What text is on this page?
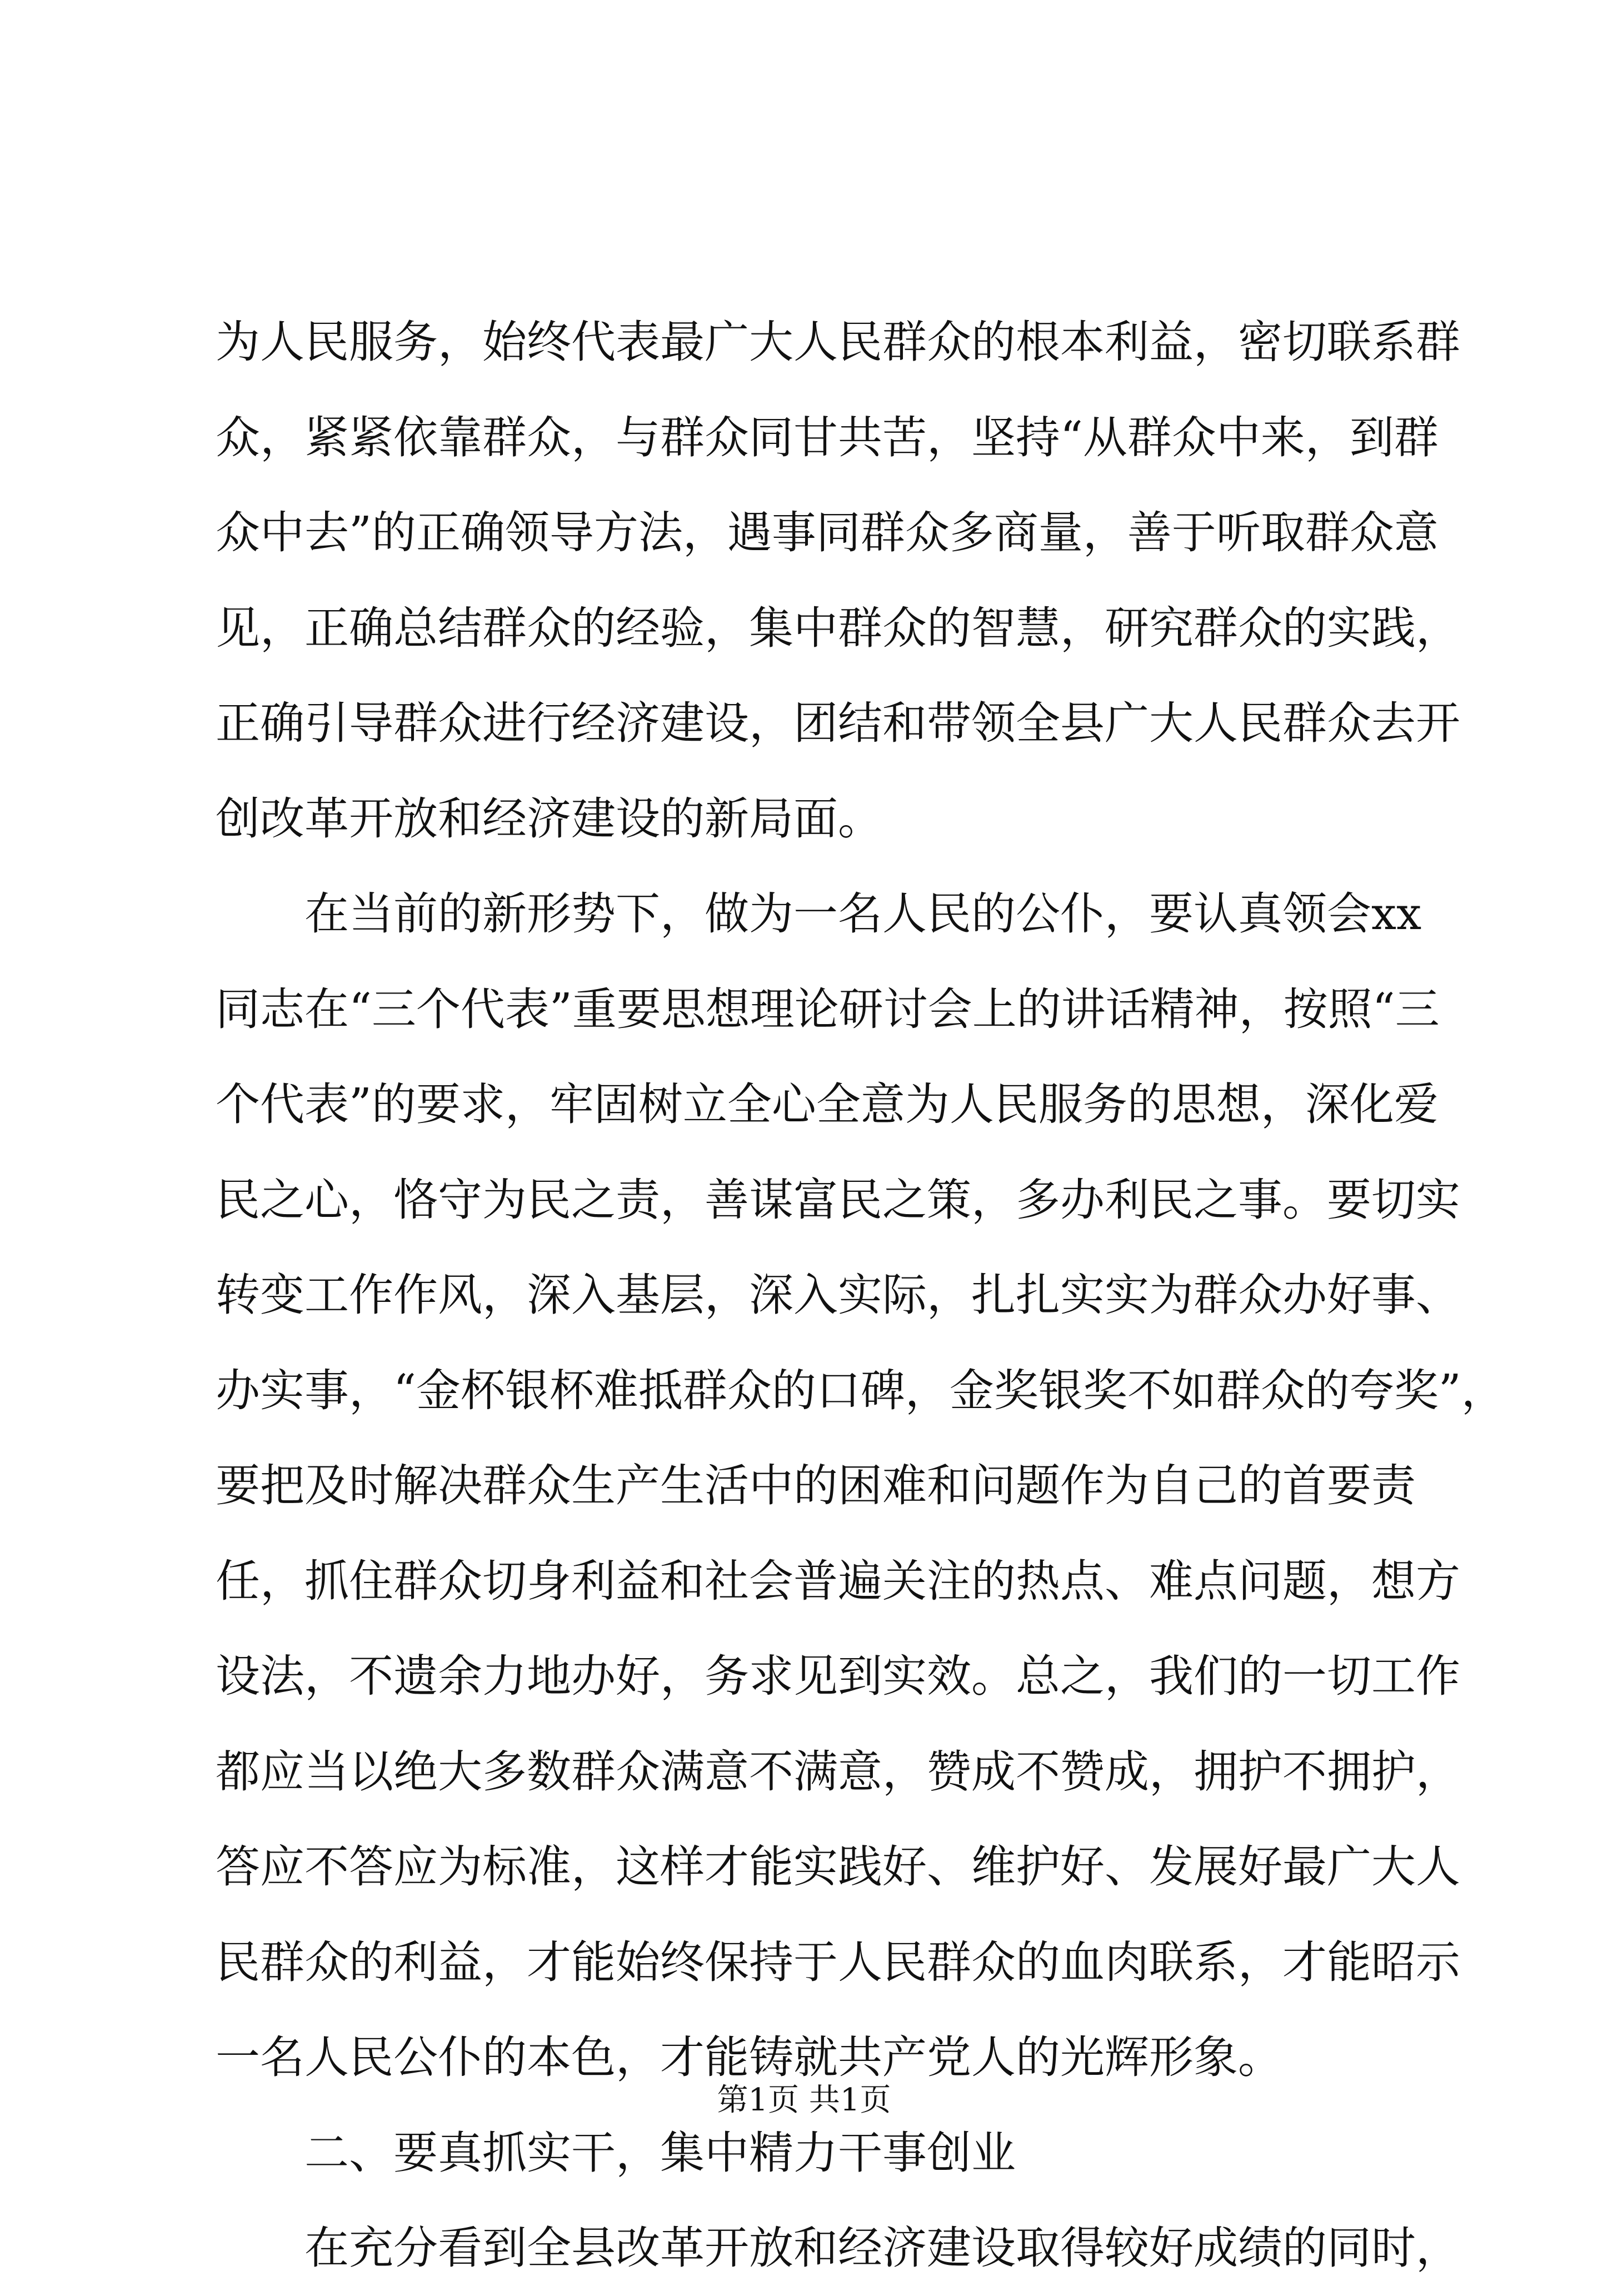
为人民服务，始终代表最广大人民群众的根本利益，密切联系群
众，紧紧依靠群众，与群众同甘共苦，坚持“从群众中来，到群
众中去”的正确领导方法，遇事同群众多商量，善于听取群众意
见，正确总结群众的经验，集中群众的智慧，研究群众的实践，
正确引导群众进行经济建设，团结和带领全县广大人民群众去开
创改革开放和经济建设的新局面。
在当前的新形势下，做为一名人民的公仆，要认真领会xx
同志在“三个代表”重要思想理论研讨会上的讲话精神，按照“三
个代表”的要求，牢固树立全心全意为人民服务的思想，深化爱
民之心，恪守为民之责，善谋富民之策，多办利民之事。要切实
转变工作作风，深入基层，深入实际，扎扎实实为群众办好事、
办实事，“金杯银杯难抵群众的口碑，金奖银奖不如群众的夸奖”，
要把及时解决群众生产生活中的困难和问题作为自己的首要责
任，抓住群众切身利益和社会普遍关注的热点、难点问题，想方
设法，不遗余力地办好，务求见到实效。总之，我们的一切工作
都应当以绝大多数群众满意不满意，赞成不赞成，拥护不拥护，
答应不答应为标准，这样才能实践好、维护好、发展好最广大人
民群众的利益，才能始终保持于人民群众的血肉联系，才能昭示
一名人民公仆的本色，才能铸就共产党人的光辉形象。
二、要真抓实干，集中精力干事创业
在充分看到全县改革开放和经济建设取得较好成绩的同时，
第1页 共1页
